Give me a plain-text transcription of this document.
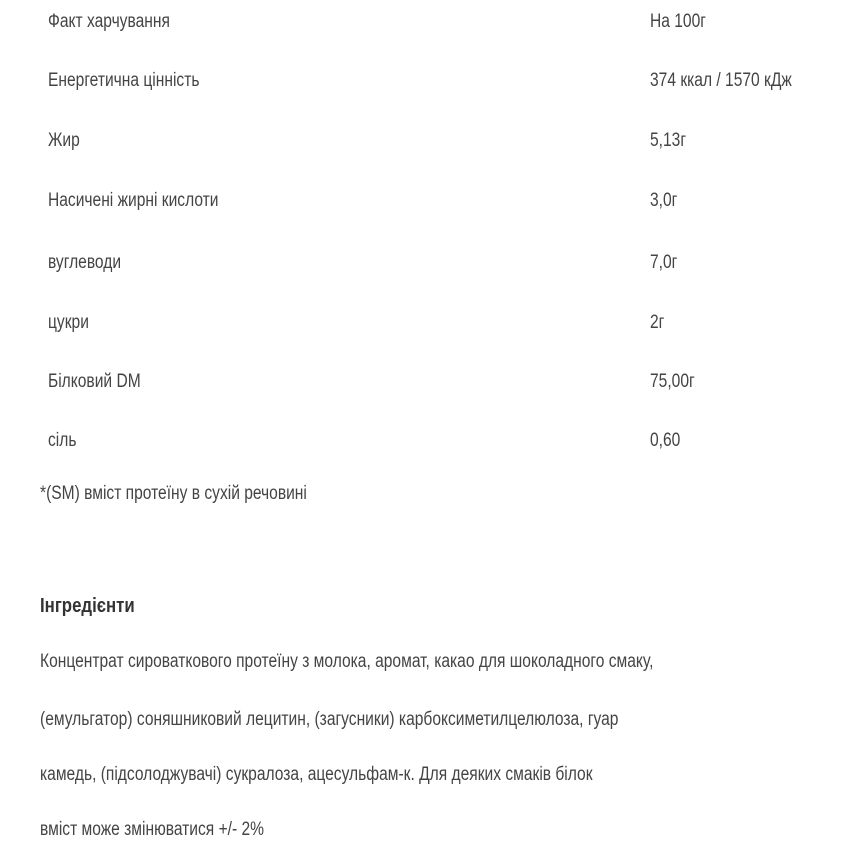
Факт харчування	На 100г
Енергетична цінність	374 ккал / 1570 кДж
Жир	5,13г
Насичені жирні кислоти	3,0г
вуглеводи	7,0г
цукри	2г
Білковий DM	75,00г
сіль	0,60
*(SM) вміст протеїну в сухій речовині
Інгредієнти
Концентрат сироваткового протеїну з молока, аромат, какао для шоколадного смаку,
(емульгатор) соняшниковий лецитин, (загусники) карбоксиметилцелюлоза, гуар
камедь, (підсолоджувачі) сукралоза, ацесульфам-к. Для деяких смаків білок
вміст може змінюватися +/- 2%
